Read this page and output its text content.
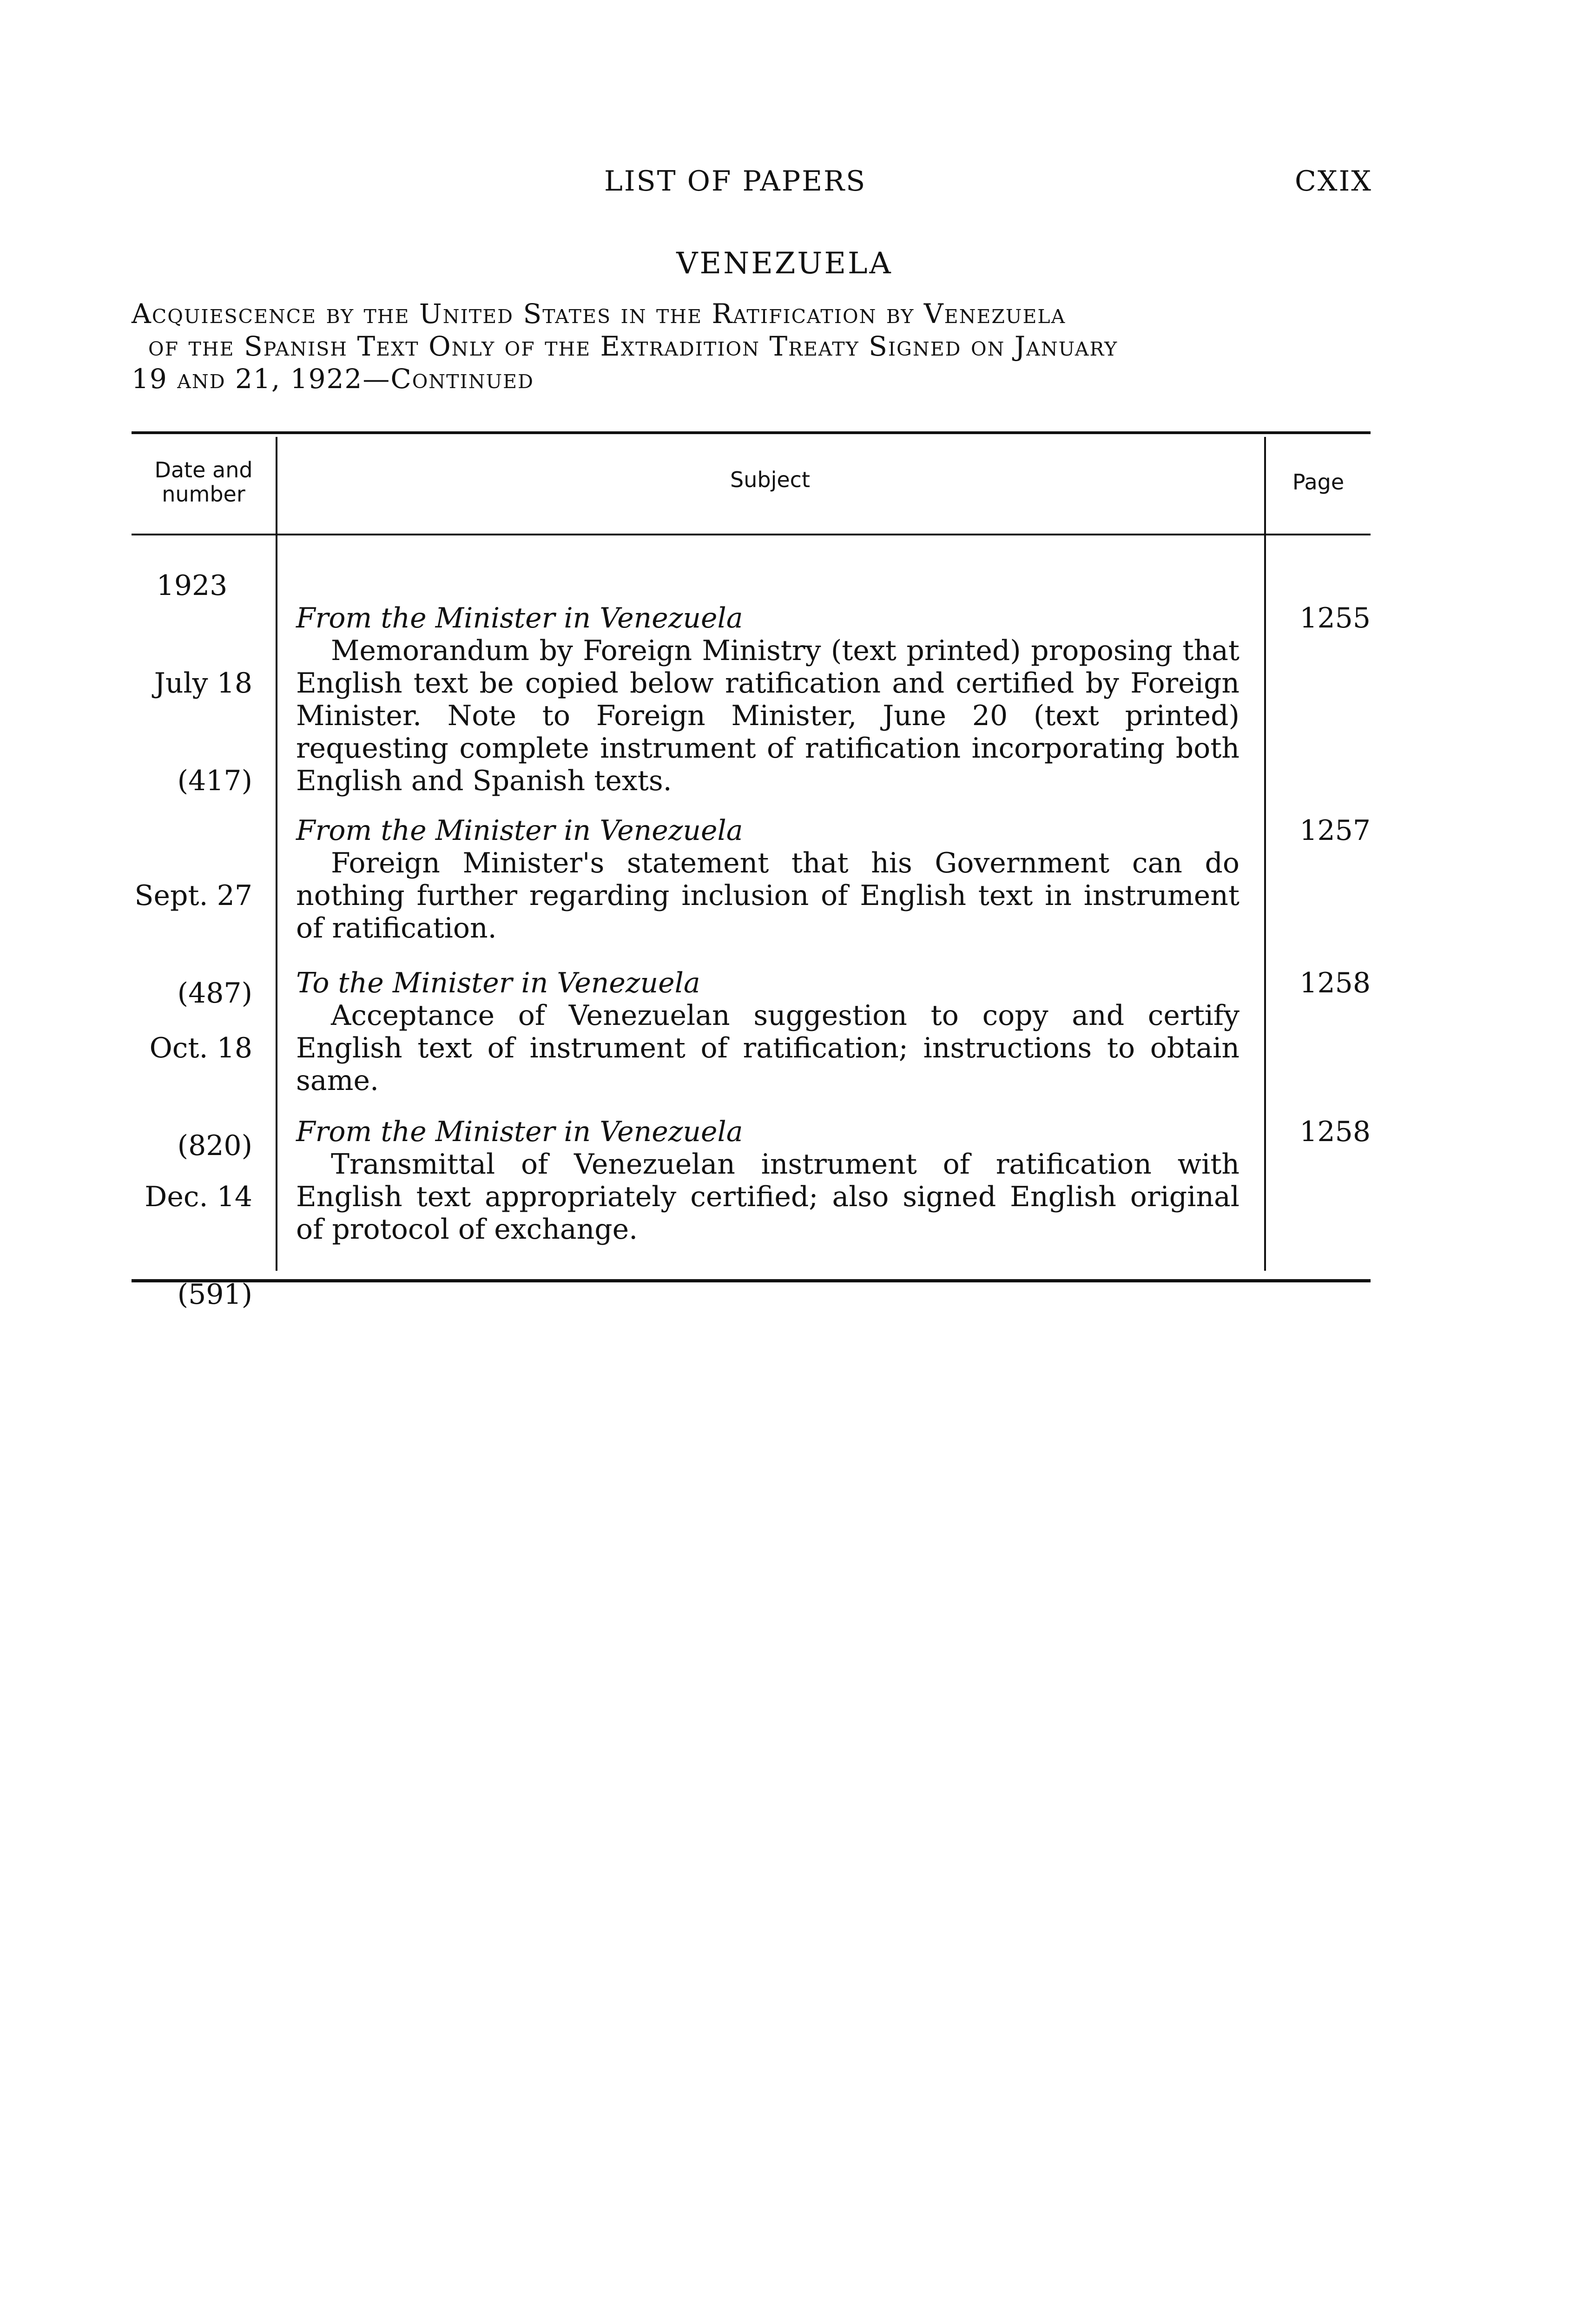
LIST OF PAPERS	CXIX
VENEZUELA
Acquiescence by the United States in the Ratification by Venezuela
of the Spanish Text Only of the Extradition Treaty Signed on January
19 and 21, 1922—Continued
Date and number
Subject	Page
1923

July 18

(417)

From the Minister in Venezuela
Memorandum by Foreign Ministry (text printed) proposing that English text be copied below ratification and certified by Foreign Minister. Note to Foreign Minister, June 20 (text printed) requesting complete instrument of ratification incorporating both English and Spanish texts.
1255

Sept. 27

(487)

From the Minister in Venezuela
Foreign Minister's statement that his Government can do nothing further regarding inclusion of English text in instrument of ratification.
1257

Oct. 18

(820)

To the Minister in Venezuela
Acceptance of Venezuelan suggestion to copy and certify English text of instrument of ratification; instructions to obtain same.
1258

Dec. 14

(591)

From the Minister in Venezuela
Transmittal of Venezuelan instrument of ratification with English text appropriately certified; also signed English original of protocol of exchange.
1258
